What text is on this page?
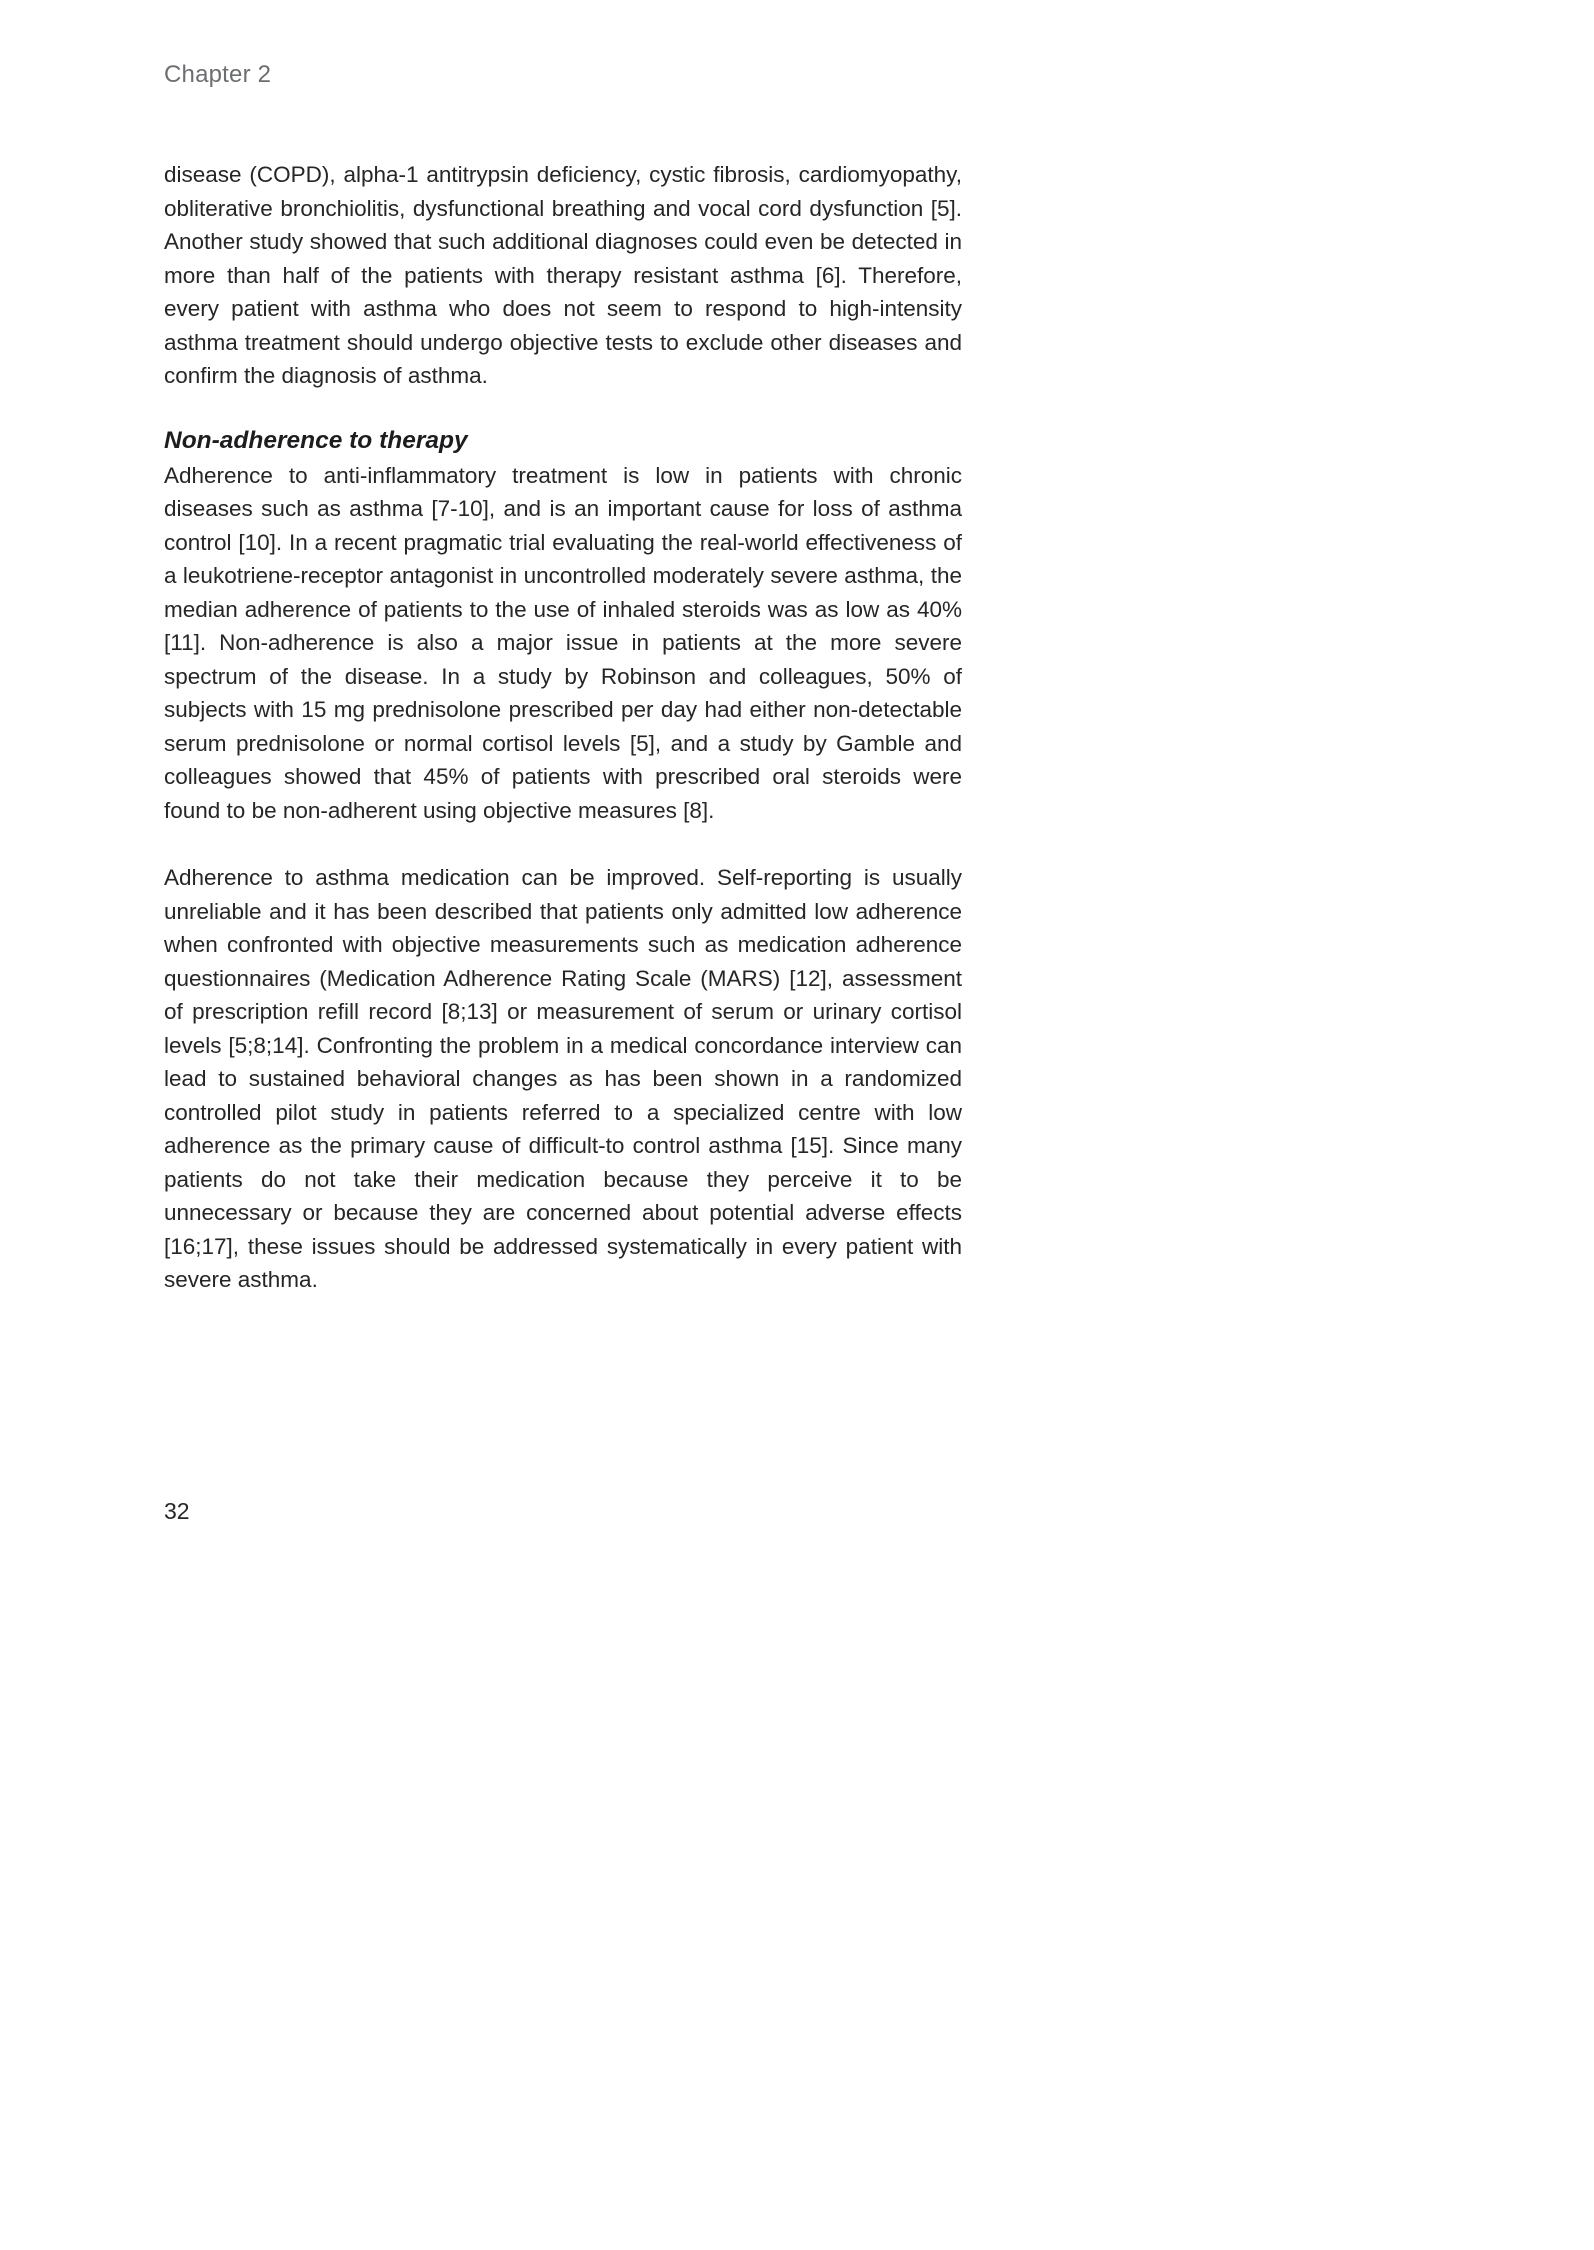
Chapter 2

disease (COPD), alpha-1 antitrypsin deficiency, cystic fibrosis, cardiomyopathy, obliterative bronchiolitis, dysfunctional breathing and vocal cord dysfunction [5]. Another study showed that such additional diagnoses could even be detected in more than half of the patients with therapy resistant asthma [6]. Therefore, every patient with asthma who does not seem to respond to high-intensity asthma treatment should undergo objective tests to exclude other diseases and confirm the diagnosis of asthma.

Non-adherence to therapy

Adherence to anti-inflammatory treatment is low in patients with chronic diseases such as asthma [7-10], and is an important cause for loss of asthma control [10]. In a recent pragmatic trial evaluating the real-world effectiveness of a leukotriene-receptor antagonist in uncontrolled moderately severe asthma, the median adherence of patients to the use of inhaled steroids was as low as 40% [11]. Non-adherence is also a major issue in patients at the more severe spectrum of the disease. In a study by Robinson and colleagues, 50% of subjects with 15 mg prednisolone prescribed per day had either non-detectable serum prednisolone or normal cortisol levels [5], and a study by Gamble and colleagues showed that 45% of patients with prescribed oral steroids were found to be non-adherent using objective measures [8].

Adherence to asthma medication can be improved. Self-reporting is usually unreliable and it has been described that patients only admitted low adherence when confronted with objective measurements such as medication adherence questionnaires (Medication Adherence Rating Scale (MARS) [12], assessment of prescription refill record [8;13] or measurement of serum or urinary cortisol levels [5;8;14]. Confronting the problem in a medical concordance interview can lead to sustained behavioral changes as has been shown in a randomized controlled pilot study in patients referred to a specialized centre with low adherence as the primary cause of difficult-to control asthma [15]. Since many patients do not take their medication because they perceive it to be unnecessary or because they are concerned about potential adverse effects [16;17], these issues should be addressed systematically in every patient with severe asthma.

32
